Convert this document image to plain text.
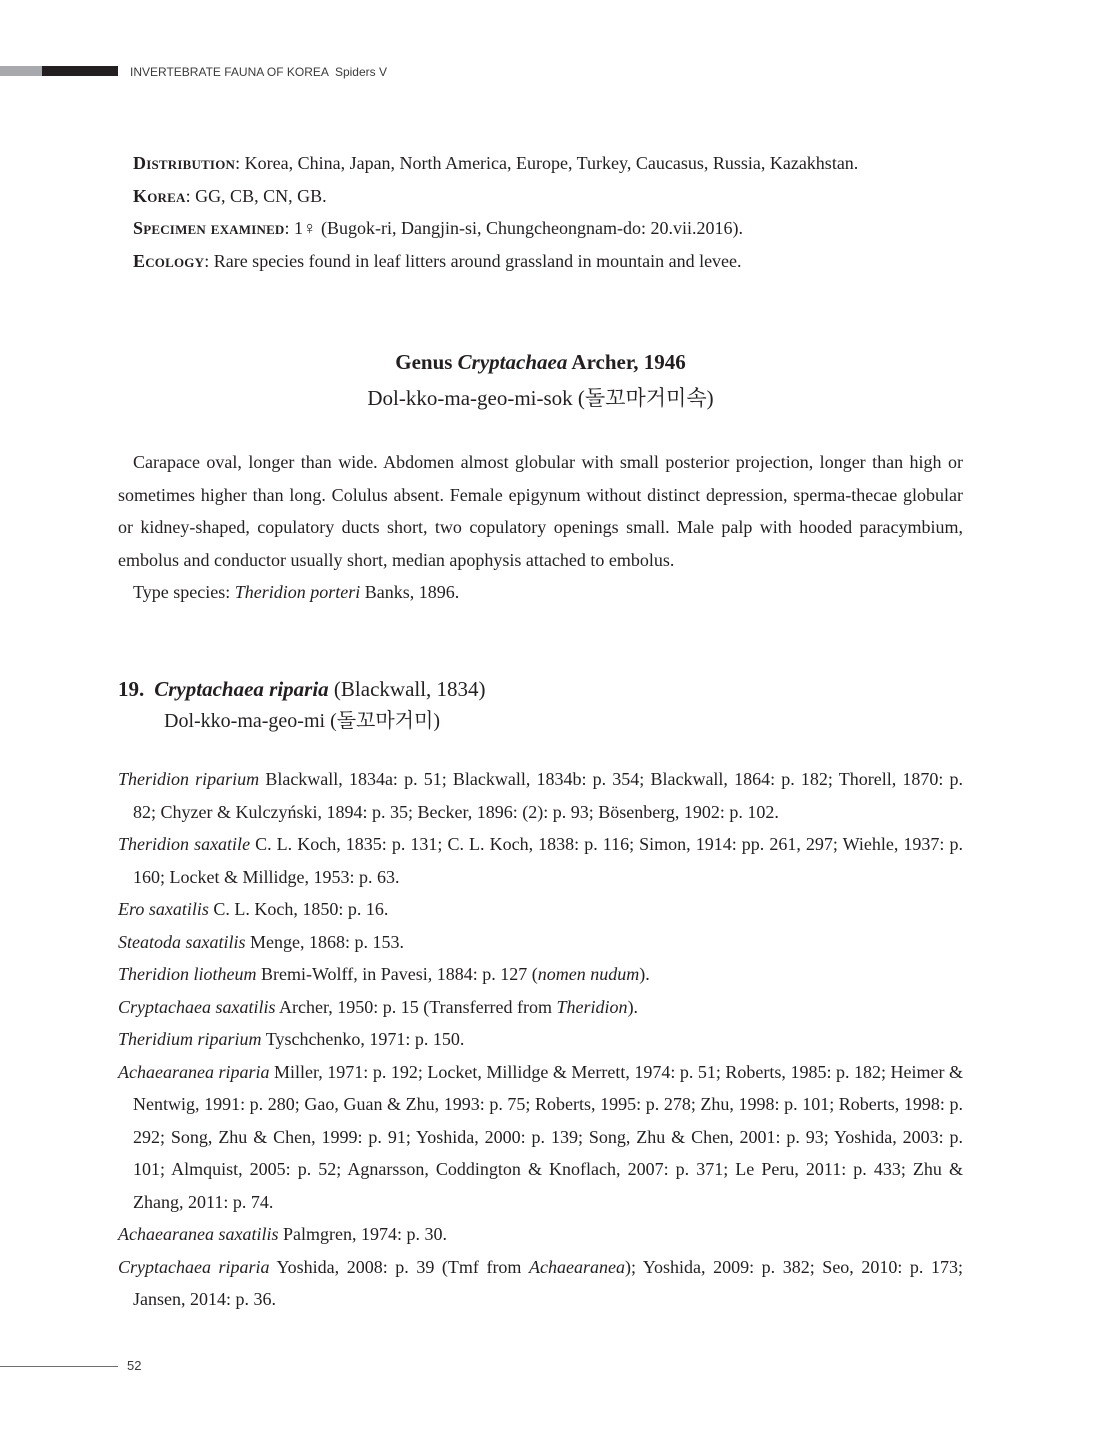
INVERTEBRATE FAUNA OF KOREA Spiders V

Distribution: Korea, China, Japan, North America, Europe, Turkey, Caucasus, Russia, Kazakhstan.

Korea: GG, CB, CN, GB.

Specimen examined: 1♀ (Bugok-ri, Dangjin-si, Chungcheongnam-do: 20.vii.2016).

Ecology: Rare species found in leaf litters around grassland in mountain and levee.

Genus Cryptachaea Archer, 1946
Dol-kko-ma-geo-mi-sok (돌꼬마거미속)

Carapace oval, longer than wide. Abdomen almost globular with small posterior projection, longer than high or sometimes higher than long. Colulus absent. Female epigynum without distinct depression, sperma-thecae globular or kidney-shaped, copulatory ducts short, two copulatory openings small. Male palp with hooded paracymbium, embolus and conductor usually short, median apophysis attached to embolus.

Type species: Theridion porteri Banks, 1896.

19. Cryptachaea riparia (Blackwall, 1834)
Dol-kko-ma-geo-mi (돌꼬마거미)

Theridion riparium Blackwall, 1834a: p. 51; Blackwall, 1834b: p. 354; Blackwall, 1864: p. 182; Thorell, 1870: p. 82; Chyzer & Kulczyński, 1894: p. 35; Becker, 1896: (2): p. 93; Bösenberg, 1902: p. 102.

Theridion saxatile C. L. Koch, 1835: p. 131; C. L. Koch, 1838: p. 116; Simon, 1914: pp. 261, 297; Wiehle, 1937: p. 160; Locket & Millidge, 1953: p. 63.

Ero saxatilis C. L. Koch, 1850: p. 16.

Steatoda saxatilis Menge, 1868: p. 153.

Theridion liotheum Bremi-Wolff, in Pavesi, 1884: p. 127 (nomen nudum).

Cryptachaea saxatilis Archer, 1950: p. 15 (Transferred from Theridion).

Theridium riparium Tyschchenko, 1971: p. 150.

Achaearanea riparia Miller, 1971: p. 192; Locket, Millidge & Merrett, 1974: p. 51; Roberts, 1985: p. 182; Heimer & Nentwig, 1991: p. 280; Gao, Guan & Zhu, 1993: p. 75; Roberts, 1995: p. 278; Zhu, 1998: p. 101; Roberts, 1998: p. 292; Song, Zhu & Chen, 1999: p. 91; Yoshida, 2000: p. 139; Song, Zhu & Chen, 2001: p. 93; Yoshida, 2003: p. 101; Almquist, 2005: p. 52; Agnarsson, Coddington & Knoflach, 2007: p. 371; Le Peru, 2011: p. 433; Zhu & Zhang, 2011: p. 74.

Achaearanea saxatilis Palmgren, 1974: p. 30.

Cryptachaea riparia Yoshida, 2008: p. 39 (Tmf from Achaearanea); Yoshida, 2009: p. 382; Seo, 2010: p. 173; Jansen, 2014: p. 36.

52
